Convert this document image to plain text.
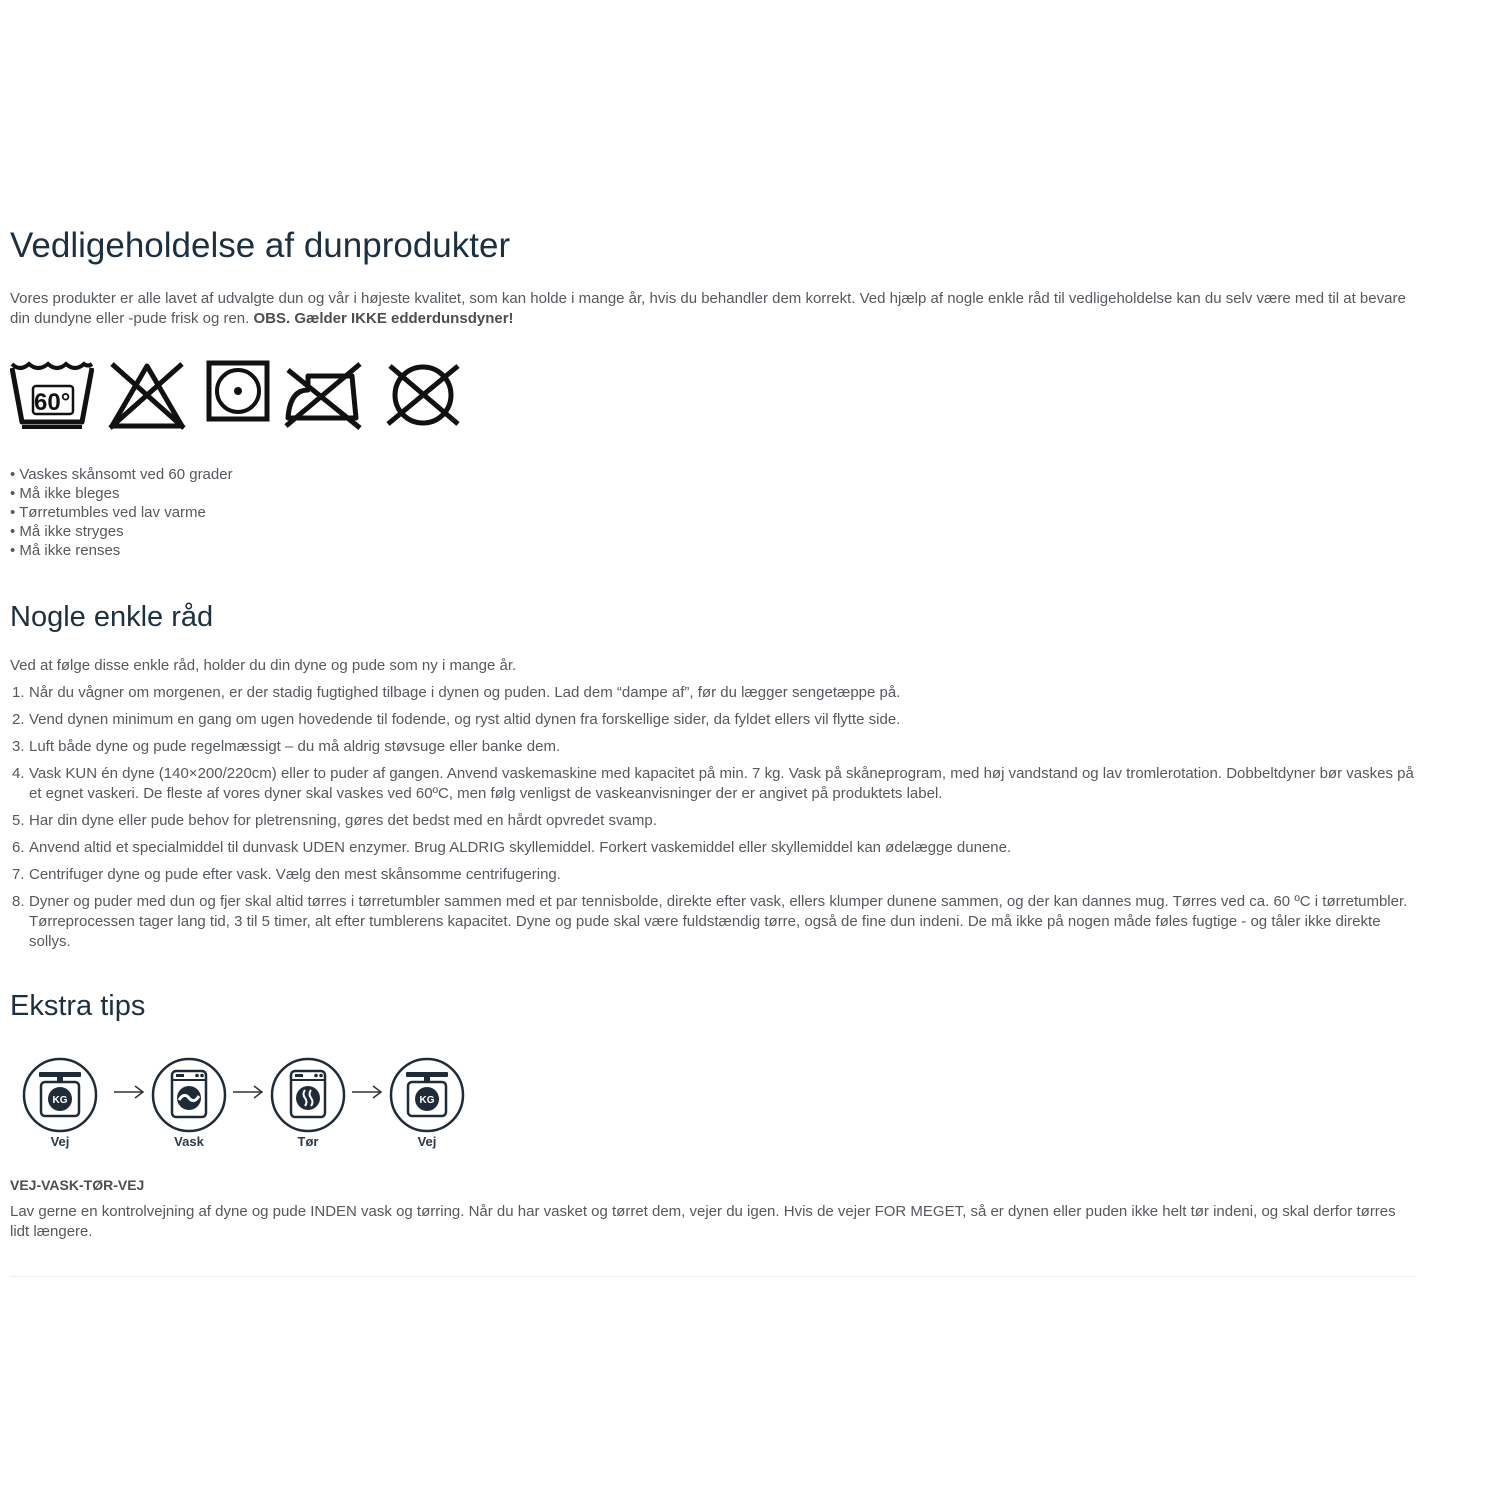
Vedligeholdelse af dunprodukter

Vores produkter er alle lavet af udvalgte dun og vår i højeste kvalitet, som kan holde i mange år, hvis du behandler dem korrekt. Ved hjælp af nogle enkle råd til vedligeholdelse kan du selv være med til at bevare din dundyne eller -pude frisk og ren. OBS. Gælder IKKE edderdunsdyner!

60°
• Vaskes skånsomt ved 60 grader
• Må ikke bleges
• Tørretumbles ved lav varme
• Må ikke stryges
• Må ikke renses
Nogle enkle råd

Ved at følge disse enkle råd, holder du din dyne og pude som ny i mange år.

1. Når du vågner om morgenen, er der stadig fugtighed tilbage i dynen og puden. Lad dem “dampe af”, før du lægger sengetæppe på.
2. Vend dynen minimum en gang om ugen hovedende til fodende, og ryst altid dynen fra forskellige sider, da fyldet ellers vil flytte side.
3. Luft både dyne og pude regelmæssigt – du må aldrig støvsuge eller banke dem.
4. Vask KUN én dyne (140×200/220cm) eller to puder af gangen. Anvend vaskemaskine med kapacitet på min. 7 kg. Vask på skåneprogram, med høj vandstand og lav tromlerotation. Dobbeltdyner bør vaskes på et egnet vaskeri. De fleste af vores dyner skal vaskes ved 60ºC, men følg venligst de vaskeanvisninger der er angivet på produktets label.
5. Har din dyne eller pude behov for pletrensning, gøres det bedst med en hårdt opvredet svamp.
6. Anvend altid et specialmiddel til dunvask UDEN enzymer. Brug ALDRIG skyllemiddel. Forkert vaskemiddel eller skyllemiddel kan ødelægge dunene.
7. Centrifuger dyne og pude efter vask. Vælg den mest skånsomme centrifugering.
8. Dyner og puder med dun og fjer skal altid tørres i tørretumbler sammen med et par tennisbolde, direkte efter vask, ellers klumper dunene sammen, og der kan dannes mug. Tørres ved ca. 60 ºC i tørretumbler. Tørreprocessen tager lang tid, 3 til 5 timer, alt efter tumblerens kapacitet. Dyne og pude skal være fuldstændig tørre, også de fine dun indeni. De må ikke på nogen måde føles fugtige - og tåler ikke direkte sollys.
Ekstra tips
KG
Vej	Vask	Tør
KG
Vej

VEJ-VASK-TØR-VEJ

Lav gerne en kontrolvejning af dyne og pude INDEN vask og tørring. Når du har vasket og tørret dem, vejer du igen. Hvis de vejer FOR MEGET, så er dynen eller puden ikke helt tør indeni, og skal derfor tørres lidt længere.
